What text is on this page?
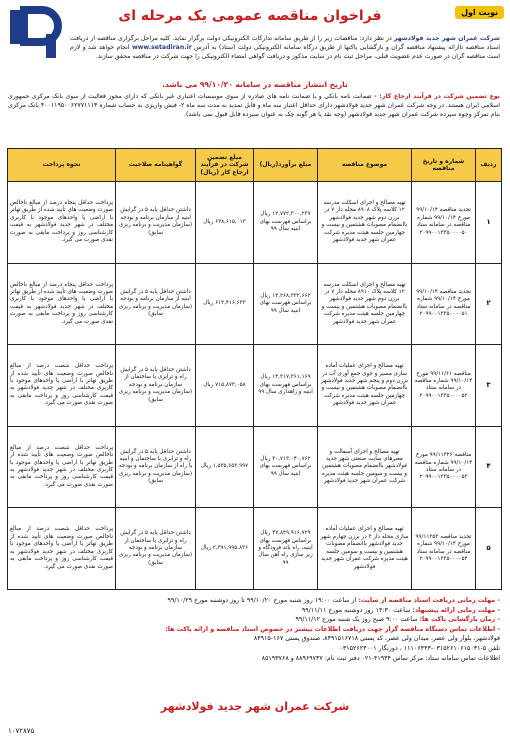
نوبت اول
فراخوان مناقصه عمومی یک مرحله ای
شرکت عمران شهر جدید فولادشهر در نظر دارد: مناقصات زیر را از طریق سامانه تداركات الکترونیکی دولت برگزار نماید. کلیه مراحل برگزاری مناقصه از دریافت اسناد مناقصه تاارائه پیشنهاد مناقصه گران و بازگشایی پاکتها از طریق درگاه سامانه الکترونیکی دولت (ستاد) به آدرس www.setadiran.ir انجام خواهد شد و لازم است مناقصه گران در صورت عدم عضویت قبلی، مراحل ثبت نام در سایت مذکور و دریافت گواهی امضاء الکترونیکی را جهت شرکت در مناقصه محقق سازند.
تاریخ انتشار مناقصه در سامانه ۹۹/۱۰/۲۰ می باشد.
نوع تضمین شرکت در فرآیند ارجاع کار: - ضمانت نامه بانکی و یا ضمانت نامه های صادره از سوی موسسات اعتباری غیر بانکی که دارای مجوز فعالیت از سوی بانک مرکزی جمهوری اسلامی ایران هستند. در وجه شرکت عمران شهر جدید فولادشهر دارای حداقل اعتبار سه ماه و قابل تمدید به مدت سه ماه ۲- فیش واریزی به حساب شماره ۴۰۰۱۱۹۵۰۰۶۲۷۷۱۱۱۳ بانک مرکزی بنام تمرکز وجوه سپرده شرکت عمران شهر جدید فولادشهر (وجه نقد یا هر گونه چک به عنوان سپرده قابل قبول نمی باشد).
ردیف	شماره و تاریخ مناقصه	موضوع مناقصه	مبلغ برآورد(ریال)	مبلغ تضمین شرکت در فرآیند ارجاع کار (ریال)	گواهینامه صلاحیت	نحوه پرداخت
۱	تجدید مناقصه ۹۹/۱۰/۱۴ مورخ ۹۹/۱۰/۱۴ شماره مناقصه در سامانه ستاد ۲۰۹۹۰۰۱۳۳۵۰۰۰۰۵۰	تهیه مصالح و اجرای اسکلت مدرسه ۱۲ کلاسه پلاک ۸۹۰۸ محله دار ۷ در برزن دوم شهر جدید فولادشهر باانضمام مصوبات هشتمین و بیست و چهارمین جلسه هیئت مدیره شرکت عمران شهر جدید فولادشهر	۱۲,۷۷۲,۳۰۰,۲۳۷ ریال براساس فهرست بهای ابنیه سال ۹۹	۶۳۸,۶۱۵,۰۱۳ ریال	داشتن حداقل پایه ۵ در گرایش ابنیه از سازمان برنامه و بودجه (سازمان مدیریت و برنامه ریزی سابق)	پرداخت حداقل پنجاه درصد از مبالغ ناخالص صورت وضعیت های تأیید شده از طریق تهاتر با اراضی یا واحدهای موجود با کاربری مختلف در شهر جدید فولادشهر به قیمت کارشناسی روز و پرداخت مابقی به صورت نقدی صورت می گیرد.
۲	تجدید مناقصه ۹۹/۱۰/۱۴ مورخ ۹۹/۱۰/۱۴ شماره مناقصه در سامانه ستاد ۲۰۹۹۰۰۱۳۳۵۰۰۰۰۵۱	تهیه مصالح و اجرای اسکلت مدرسه ۱۲ کلاسه پلاک ۸۹۱۰ محله دار ۷ در برزن دوم شهر جدید فولادشهر باانضمام مصوبات هشتمین و بیست و چهارمین جلسه هیئت مدیره شرکت عمران شهر جدید فولادشهر	۱۲,۲۶۸,۳۳۲,۶۶۲ ریال براساس فهرست بهای ابنیه سال ۹۹	۶۱۳,۴۱۶,۶۳۳ ریال	داشتن حداقل پایه ۵ در گرایش ابنیه از سازمان برنامه و بودجه (سازمان مدیریت و برنامه ریزی سابق)	پرداخت حداقل پنجاه درصد از مبالغ ناخالص صورت وضعیت های تأیید شده از طریق تهاتر با اراضی یا واحدهای موجود با کاربری مختلف در شهر جدید فولادشهر به قیمت کارشناسی روز و پرداخت مابقی به صورت نقدی صورت می گیرد.
۳	مناقصه ۹۹/۱۱/۶۱ مورخ ۹۹/۱۰/۱۴ شماره مناقصه در سامانه ستاد ۲۰۹۹۰۰۱۳۳۵۰۰۰۰۵۲	تهیه مصالح و اجرای عملیات آماده سازی مسیر و جوی جمع آوری آب در برزن دوم و پنجم شهر جدید فولادشهر باانضمام مصوبات هشتمین و بیست و چهارمین جلسه هیئت مدیره شرکت عمران شهر جدید فولادشهر	۱۴,۳۱۷,۳۶۱,۱۶۹ ریال براساس فهرست بهای ابنیه و راهداری سال ۹۹	۷۱۵,۸۷۳,۰۵۸ ریال	داشتن حداقل پایه ۵ در گرایش راه و ترابری یا ساختمان از سازمان برنامه و بودجه (سازمان مدیریت و برنامه ریزی سابق)	پرداخت حداقل شصت درصد از مبالغ ناخالص صورت وضعیت های تأیید شده از طریق تهاتر با اراضی یا واحدهای موجود با کاربری مختلف در شهر جدید فولادشهر به قیمت کارشناسی روز و پرداخت مابقی به صورت نقدی صورت می گیرد.
۴	مناقصه ۹۹/۱۱۳۲۶ مورخ ۹۹/۱۰/۱۴ شماره مناقصه در سامانه ستاد ۲۰۹۹۰۰۱۳۳۵۰۰۰۰۵۳	تهیه مصالح و اجرای آسفالت و معبرهای سایت صنعتی شهر جدید فولادشهر باانضمام مصوبات هشتمین و بیست و سومین جلسه هیئت مدیره شرکت عمران شهر جدید فولادشهر	۳۰,۷۱۳,۰۴۰,۷۶۲ ریال براساس فهرست بهای ابنیه سال ۹۹	۱,۵۳۵,۶۵۳,۹۹۷ ریال	داشتن حداقل پایه ۵ در گرایش راه و ترابری یا ساختمان و ابنیه یا راه از سازمان برنامه و بودجه (سازمان مدیریت و برنامه ریزی سابق)	پرداخت حداقل شصت درصد از مبالغ ناخالص صورت وضعیت های تأیید شده از طریق تهاتر با اراضی یا واحدهای موجود با کاربری مختلف در شهر جدید فولادشهر به قیمت کارشناسی روز و پرداخت مابقی به صورت نقدی صورت می گیرد.
۵	تجدید مناقصه ۹۹/۱۱۳۵۳ مورخ ۹۹/۱۰/۱۴ شماره مناقصه در سامانه ستاد ۲۰۹۹۰۰۱۳۳۵۰۰۰۰۵۴	تهیه مصالح و اجرای عملیات آماده سازی محله دار ۳ در برزن چهارم شهر جدید فولادشهر باانضمام مصوبات هشتمین و بیست و سومین جلسه هیئت مدیره شرکت عمران شهر جدید فولادشهر	۴۷,۸۳۹,۹۱۶,۷۲۹ ریال براساس فهرست بهای ابنیه، راه باند فرودگاه و زیر سازی راه آهن سال ۹۹	۲,۳۹۱,۹۹۵,۸۳۶ ریال	داشتن حداقل پایه ۵ در گرایش راه و ترابری یا ساختمان از سازمان برنامه و بودجه (سازمان مدیریت و برنامه ریزی سابق)	پرداخت حداقل شصت درصد از مبالغ ناخالص صورت وضعیت های تأیید شده از طریق تهاتر با اراضی یا واحدهای موجود با کاربری مختلف در شهر جدید فولادشهر به قیمت کارشناسی روز و پرداخت مابقی به صورت نقدی صورت می گیرد.
- مهلت زمانی دریافت اسناد مناقصه از سایت: از ساعت ۱۹:۰۰ روز شنبه مورخ ۹۹/۱۰/۲۰ تا روز دوشنبه مورخ ۹۹/۱۰/۲۹
- مهلت زمانی ارائه پیشنهاد: ساعت ۱۴:۳۰ روز دوشنبه مورخ ۹۹/۱۱/۱۱
- زمان بازگشایی پاکت ها: ساعت ۹:۰۰ صبح روز یک شنبه مورخ ۹۹/۱۱/۱۲
- اطلاعات تماس دستگاه مناقصه گزار جهت دریافت اطلاعات بیشتر در خصوص اسناد مناقصه و ارائه پاکت ها:
فولادشهر، بلوار ولی عصر، میدان ولی عصر، کد پستی ۸۴۹۱۵۱۶۷۱۸، صندوق پستی ۱۶۷-۸۴۹۱۵
تلفن ۵-۰۳۱۵۲۶۱۰۶۱۵۰۳۱-۱۱۱۰۶۴۴۳ ، دورنگار ۰۳۱۵۲۶۲۴۰۰۱
اطلاعات تماس سامانه ستاد: مرکز تماس ۴۱۹۳۴-۰۲۱ دفتر ثبت نام: ۸۸۹۶۹۷۳۷ و ۸۵۱۹۳۷۶۸
شرکت عمران شهر جدید فولادشهر
۱۰۷۲۸۷۵
